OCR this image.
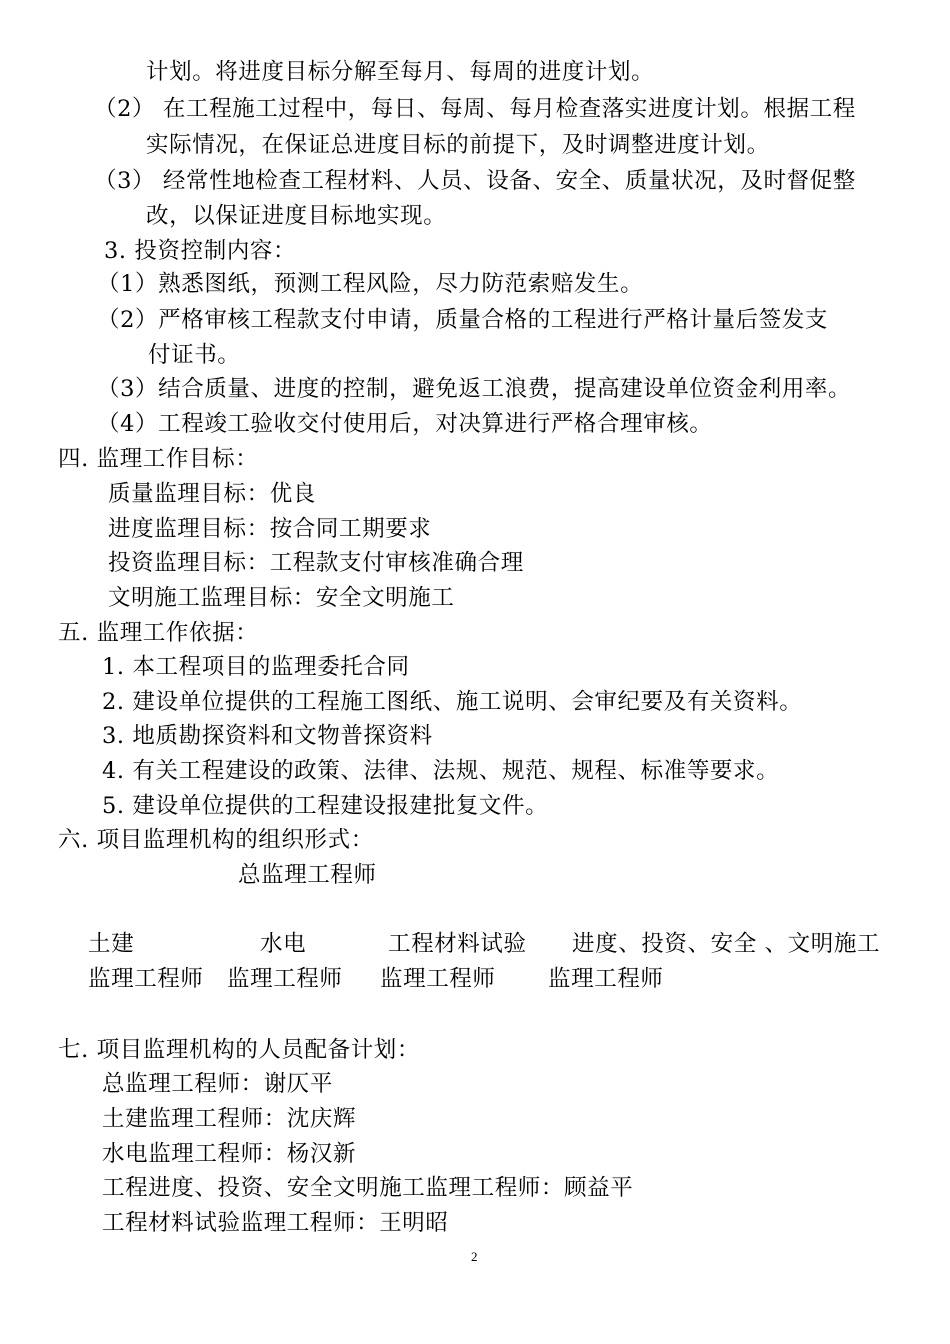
计划。将进度目标分解至每月、每周的进度计划。
（2） 在工程施工过程中，每日、每周、每月检查落实进度计划。根据工程
实际情况，在保证总进度目标的前提下，及时调整进度计划。
（3） 经常性地检查工程材料、人员、设备、安全、质量状况，及时督促整
改，以保证进度目标地实现。
3. 投资控制内容：
（1）熟悉图纸，预测工程风险，尽力防范索赔发生。
（2）严格审核工程款支付申请，质量合格的工程进行严格计量后签发支
付证书。
（3）结合质量、进度的控制，避免返工浪费，提高建设单位资金利用率。
（4）工程竣工验收交付使用后，对决算进行严格合理审核。
四. 监理工作目标：
质量监理目标：优良
进度监理目标：按合同工期要求
投资监理目标：工程款支付审核准确合理
文明施工监理目标：安全文明施工
五. 监理工作依据：
1. 本工程项目的监理委托合同
2. 建设单位提供的工程施工图纸、施工说明、会审纪要及有关资料。
3. 地质勘探资料和文物普探资料
4. 有关工程建设的政策、法律、法规、规范、规程、标准等要求。
5. 建设单位提供的工程建设报建批复文件。
六. 项目监理机构的组织形式：
总监理工程师
土建	水电	工程材料试验 进度、投资、安全 、文明施工
监理工程师 监理工程师 监理工程师 监理工程师
七. 项目监理机构的人员配备计划：
总监理工程师：谢仄平
土建监理工程师：沈庆辉
水电监理工程师：杨汉新
工程进度、投资、安全文明施工监理工程师：顾益平
工程材料试验监理工程师：王明昭
2
